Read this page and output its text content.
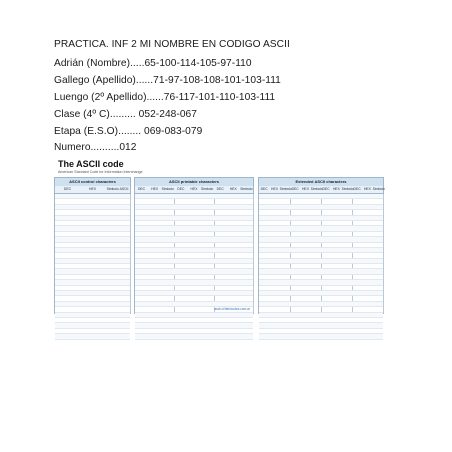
PRACTICA. INF 2 MI NOMBRE EN CODIGO ASCII
Adrián (Nombre).....65-100-114-105-97-110
Gallego (Apellido)......71-97-108-108-101-103-111
Luengo (2º Apellido)......76-117-101-110-103-111
Clase (4º C)......... 052-248-067
Etapa (E.S.O)........ 069-083-079
Numero..........012
The ASCII code
American Standard Code for Information Interchange
ASCII control characters
DEC	HEX	Simbolo ASCII
ASCII printable characters
DEC HEX Simbolo DEC HEX Simbolo DEC HEX Simbolo
ascii.cl/htmlcodes.com.ar
Extended ASCII characters
DEC HEX SimboloDEC HEX SimboloDEC HEX SimboloDEC HEX Simbolo
